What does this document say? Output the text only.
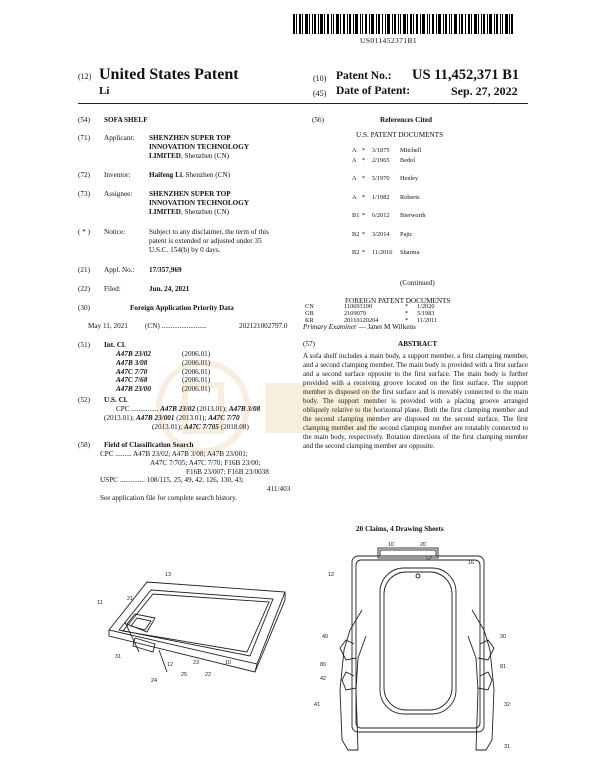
US011452371B1
(12) United States Patent
Li
(10) Patent No.: US 11,452,371 B1
(45) Date of Patent:	Sep. 27, 2022
(54) SOFA SHELF
(71) Applicant: SHENZHEN SUPER TOP
INNOVATION TECHNOLOGY
LIMITED, Shenzhen (CN)
(72) Inventor:	Haifeng Li, Shenzhen (CN)
(73) Assignee: SHENZHEN SUPER TOP
INNOVATION TECHNOLOGY
LIMITED, Shenzhen (CN)
( * ) Notice:	Subject to any disclaimer, the term of this
patent is extended or adjusted under 35
U.S.C. 154(b) by 0 days.
(21) Appl. No.: 17/357,969
(22) Filed:	Jun. 24, 2021
(30)	Foreign Application Priority Data
May 11, 2021 (CN) .........................	202121002797.0
(51) Int. Cl.
A47B 23/02	(2006.01)
A47B 3/08	(2006.01)
A47C 7/70	(2006.01)
A47C 7/68	(2006.01)
A47B 23/00	(2006.01)
(52) U.S. Cl.
CPC ............... A47B 23/02 (2013.01); A47B 3/08
(2013.01); A47B 23/001 (2013.01); A47C 7/70
(2013.01); A47C 7/705 (2018.08)
(58) Field of Classification Search
CPC ......... A47B 23/02; A47B 3/08; A47B 23/001;
A47C 7/705; A47C 7/70; F16B 23/00;
F16B 23/007; F16B 23/0038
USPC .............. 108/115, 25, 49, 42, 126, 130, 43;
411/403
See application file for complete search history.
(56)	References Cited
U.S. PATENT DOCUMENTS
A * 3/1875 Mitchell
A * 2/1965 Bedol
A * 5/1970 Henley
A * 1/1982 Roberts
B1 * 6/2012 Bierworth
B2 * 3/2014 Pajic
B2 * 11/2016 Sharma
(Continued)
FOREIGN PATENT DOCUMENTS
CN	110693190	* 1/2020
GB	2109079	* 5/1983
KR	20110120204	* 11/2011
Primary Examiner — Janet M Wilkens
(57)	ABSTRACT
A sofa shelf includes a main body, a support member, a first clamping member, and a second clamping member. The main body is provided with a first surface and a second surface opposite to the first surface. The main body is further provided with a receiving groove located on the first surface. The support member is disposed on the first surface and is movably connected to the main body. The support member is provided with a placing groove arranged obliquely relative to the horizontal plane. Both the first clamping member and the second clamping member are disposed on the second surface. The first clamping member and the second clamping member are rotatably connected to the main body, respectively. Rotation directions of the first clamping member and the second clamping member are opposite.
20 Claims, 4 Drawing Sheets
13
11
21
12
24
25	22
10
31
23
10	20
52
16
12
40	30
80
42
41	32
31
81
